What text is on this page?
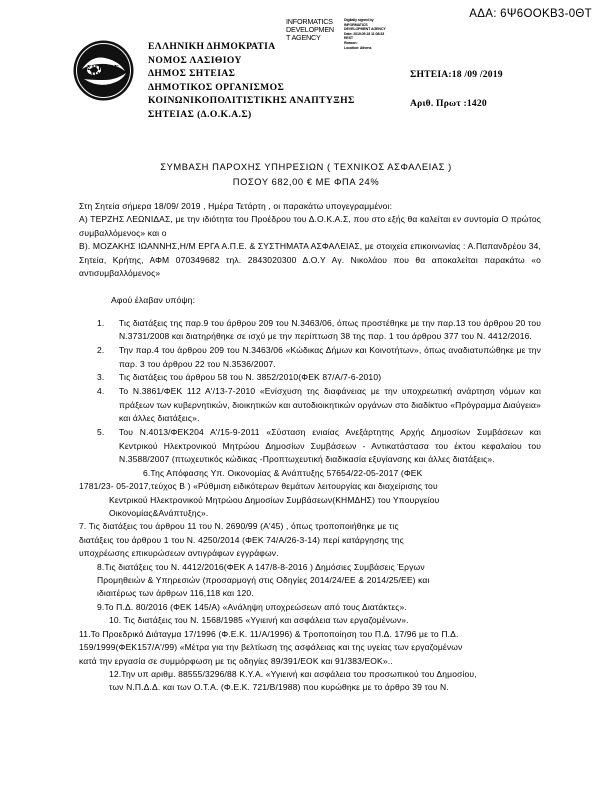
ΑΔΑ: 6Ψ6ΟΟΚΒ3-0ΘΤ
INFORMATICS
DEVELOPMEN
T AGENCY
Digitally signed by
INFORMATICS
DEVELOPMENT AGENCY
Date: 2019.09.18 11:08:33
EEST
Reason:
Location: Athens
ΣΗΤΕΙΑΣ
ΔΗΜΟΣ
ΕΛΛΗΝΙΚΗ ΔΗΜΟΚΡΑΤΙΑ
ΝΟΜΟΣ ΛΑΣΙΘΙΟΥ
ΔΗΜΟΣ ΣΗΤΕΙΑΣ
ΔΗΜΟΤΙΚΟΣ ΟΡΓΑΝΙΣΜΟΣ
ΚΟΙΝΩΝΙΚΟΠΟΛΙΤΙΣΤΙΚΗΣ ΑΝΑΠΤΥΞΗΣ
ΣΗΤΕΙΑΣ (Δ.Ο.Κ.Α.Σ)
ΣΗΤΕΙΑ:18 /09 /2019
Αριθ. Πρωτ :1420
ΣΥΜΒΑΣΗ ΠΑΡΟΧΗΣ ΥΠΗΡΕΣΙΩΝ ( ΤΕΧΝΙΚΟΣ ΑΣΦΑΛΕΙΑΣ )
ΠΟΣΟΥ 682,00 € ΜΕ ΦΠΑ 24%

Στη Σητεία σήμερα 18/09/ 2019 , Ημέρα Τετάρτη , οι παρακάτω υπογεγραμμένοι:

Α) ΤΕΡΖΗΣ ΛΕΩΝΙΔΑΣ, με την ιδιότητα του Προέδρου του Δ.Ο.Κ.Α.Σ, που στο εξής θα καλείται εν συντομία Ο πρώτος συμβαλλόμενος» και ο

Β). ΜΟΖΑΚΗΣ ΙΩΑΝΝΗΣ,Η/Μ ΕΡΓΑ Α.Π.Ε. & ΣΥΣΤΗΜΑΤΑ ΑΣΦΑΛΕΙΑΣ, με στοιχεία επικοινωνίας : Α.Παπανδρέου 34, Σητεία, Κρήτης, ΑΦΜ 070349682 τηλ. 2843020300 Δ.Ο.Υ Αγ. Νικολάου που θα αποκαλείται παρακάτω «ο αντισυμβαλλόμενος»

Αφού έλαβαν υπόψη:

1.	Τις διατάξεις της παρ.9 του άρθρου 209 του Ν.3463/06, όπως προστέθηκε με την παρ.13 του άρθρου 20 του Ν.3731/2008 και διατηρήθηκε σε ισχύ με την περίπτωση 38 της παρ. 1 του άρθρου 377 του Ν. 4412/2016.
2.	Την παρ.4 του άρθρου 209 του Ν.3463/06 «Κώδικας Δήμων και Κοινοτήτων», όπως αναδιατυπώθηκε με την παρ. 3 του άρθρου 22 του Ν.3536/2007.
3.	Τις διατάξεις του άρθρου 58 του Ν. 3852/2010(ΦΕΚ 87/Α/7-6-2010)
4.	Το Ν.3861/ΦΕΚ 112 Α'/13-7-2010 «Ενίσχυση της διαφάνειας με την υποχρεωτική ανάρτηση νόμων και πράξεων των κυβερνητικών, διοικητικών και αυτοδιοικητικών οργάνων στο διαδίκτυο «Πρόγραμμα Διαύγεια» και άλλες διατάξεις».
5.	Του Ν.4013/ΦΕΚ204 Α'/15-9-2011 «Σύσταση ενιαίας Ανεξάρτητης Αρχής Δημοσίων Συμβάσεων και Κεντρικού Ηλεκτρονικού Μητρώου Δημοσίων Συμβάσεων - Αντικατάστασα του έκτου κεφαλαίου του Ν.3588/2007 (πτωχευτικός κώδικας -Προπτωχευτική διαδικασία εξυγίανσης και άλλες διατάξεις».

6.Της Απόφασης Υπ. Οικονομίας & Ανάπτυξης 57654/22-05-2017 (ΦΕΚ

1781/23- 05-2017,τεύχος Β ) «Ρύθμιση ειδικότερων θεμάτων λειτουργίας και διαχείρισης του

Κεντρικού Ηλεκτρονικού Μητρώου Δημοσίων Συμβάσεων(ΚΗΜΔΗΣ) του Υπουργείου

Οικονομίας&Ανάπτυξης».

7. Τις διατάξεις του άρθρου 11 του Ν. 2690/99 (Α'45) , όπως τροποποιήθηκε με τις

διατάξεις του άρθρου 1 του Ν. 4250/2014 (ΦΕΚ 74/Α/26-3-14) περί κατάργησης της

υποχρέωσης επικυρώσεων αντιγράφων εγγράφων.

8.Τις διατάξεις του Ν. 4412/2016(ΦΕΚ Α 147/8-8-2016 ) Δημόσιες Συμβάσεις Έργων

Προμηθειών & Υπηρεσιών (προσαρμογή στις Οδηγίες 2014/24/ΕΕ & 2014/25/ΕΕ) και

ιδιαιτέρως των άρθρων 116,118 και 120.

9.Το Π.Δ. 80/2016 (ΦΕΚ 145/Α) «Ανάληψη υποχρεώσεων από τους Διατάκτες».

10. Τις διατάξεις του Ν. 1568/1985 «Υγιεινή και ασφάλεια των εργαζομένων».

11.Το Προεδρικό Διάταγμα 17/1996 (Φ.Ε.Κ. 11/Α/1996) & Τροποποίηση του Π.Δ. 17/96 με το Π.Δ.

159/1999(ΦΕΚ157/Α'/99) «Μέτρα για την βελτίωση της ασφάλειας και της υγείας των εργαζομένων

κατά την εργασία σε συμμόρφωση με τις οδηγίες 89/391/ΕΟΚ και 91/383/ΕΟΚ»..

12.Την υπ αριθμ. 88555/3296/88 Κ.Υ.Α. «Υγιεινή και ασφάλεια του προσωπικού του Δημοσίου,

των Ν.Π.Δ.Δ. και των Ο.Τ.Α. (Φ.Ε.Κ. 721/Β/1988) που κυρώθηκε με το άρθρο 39 του Ν.
